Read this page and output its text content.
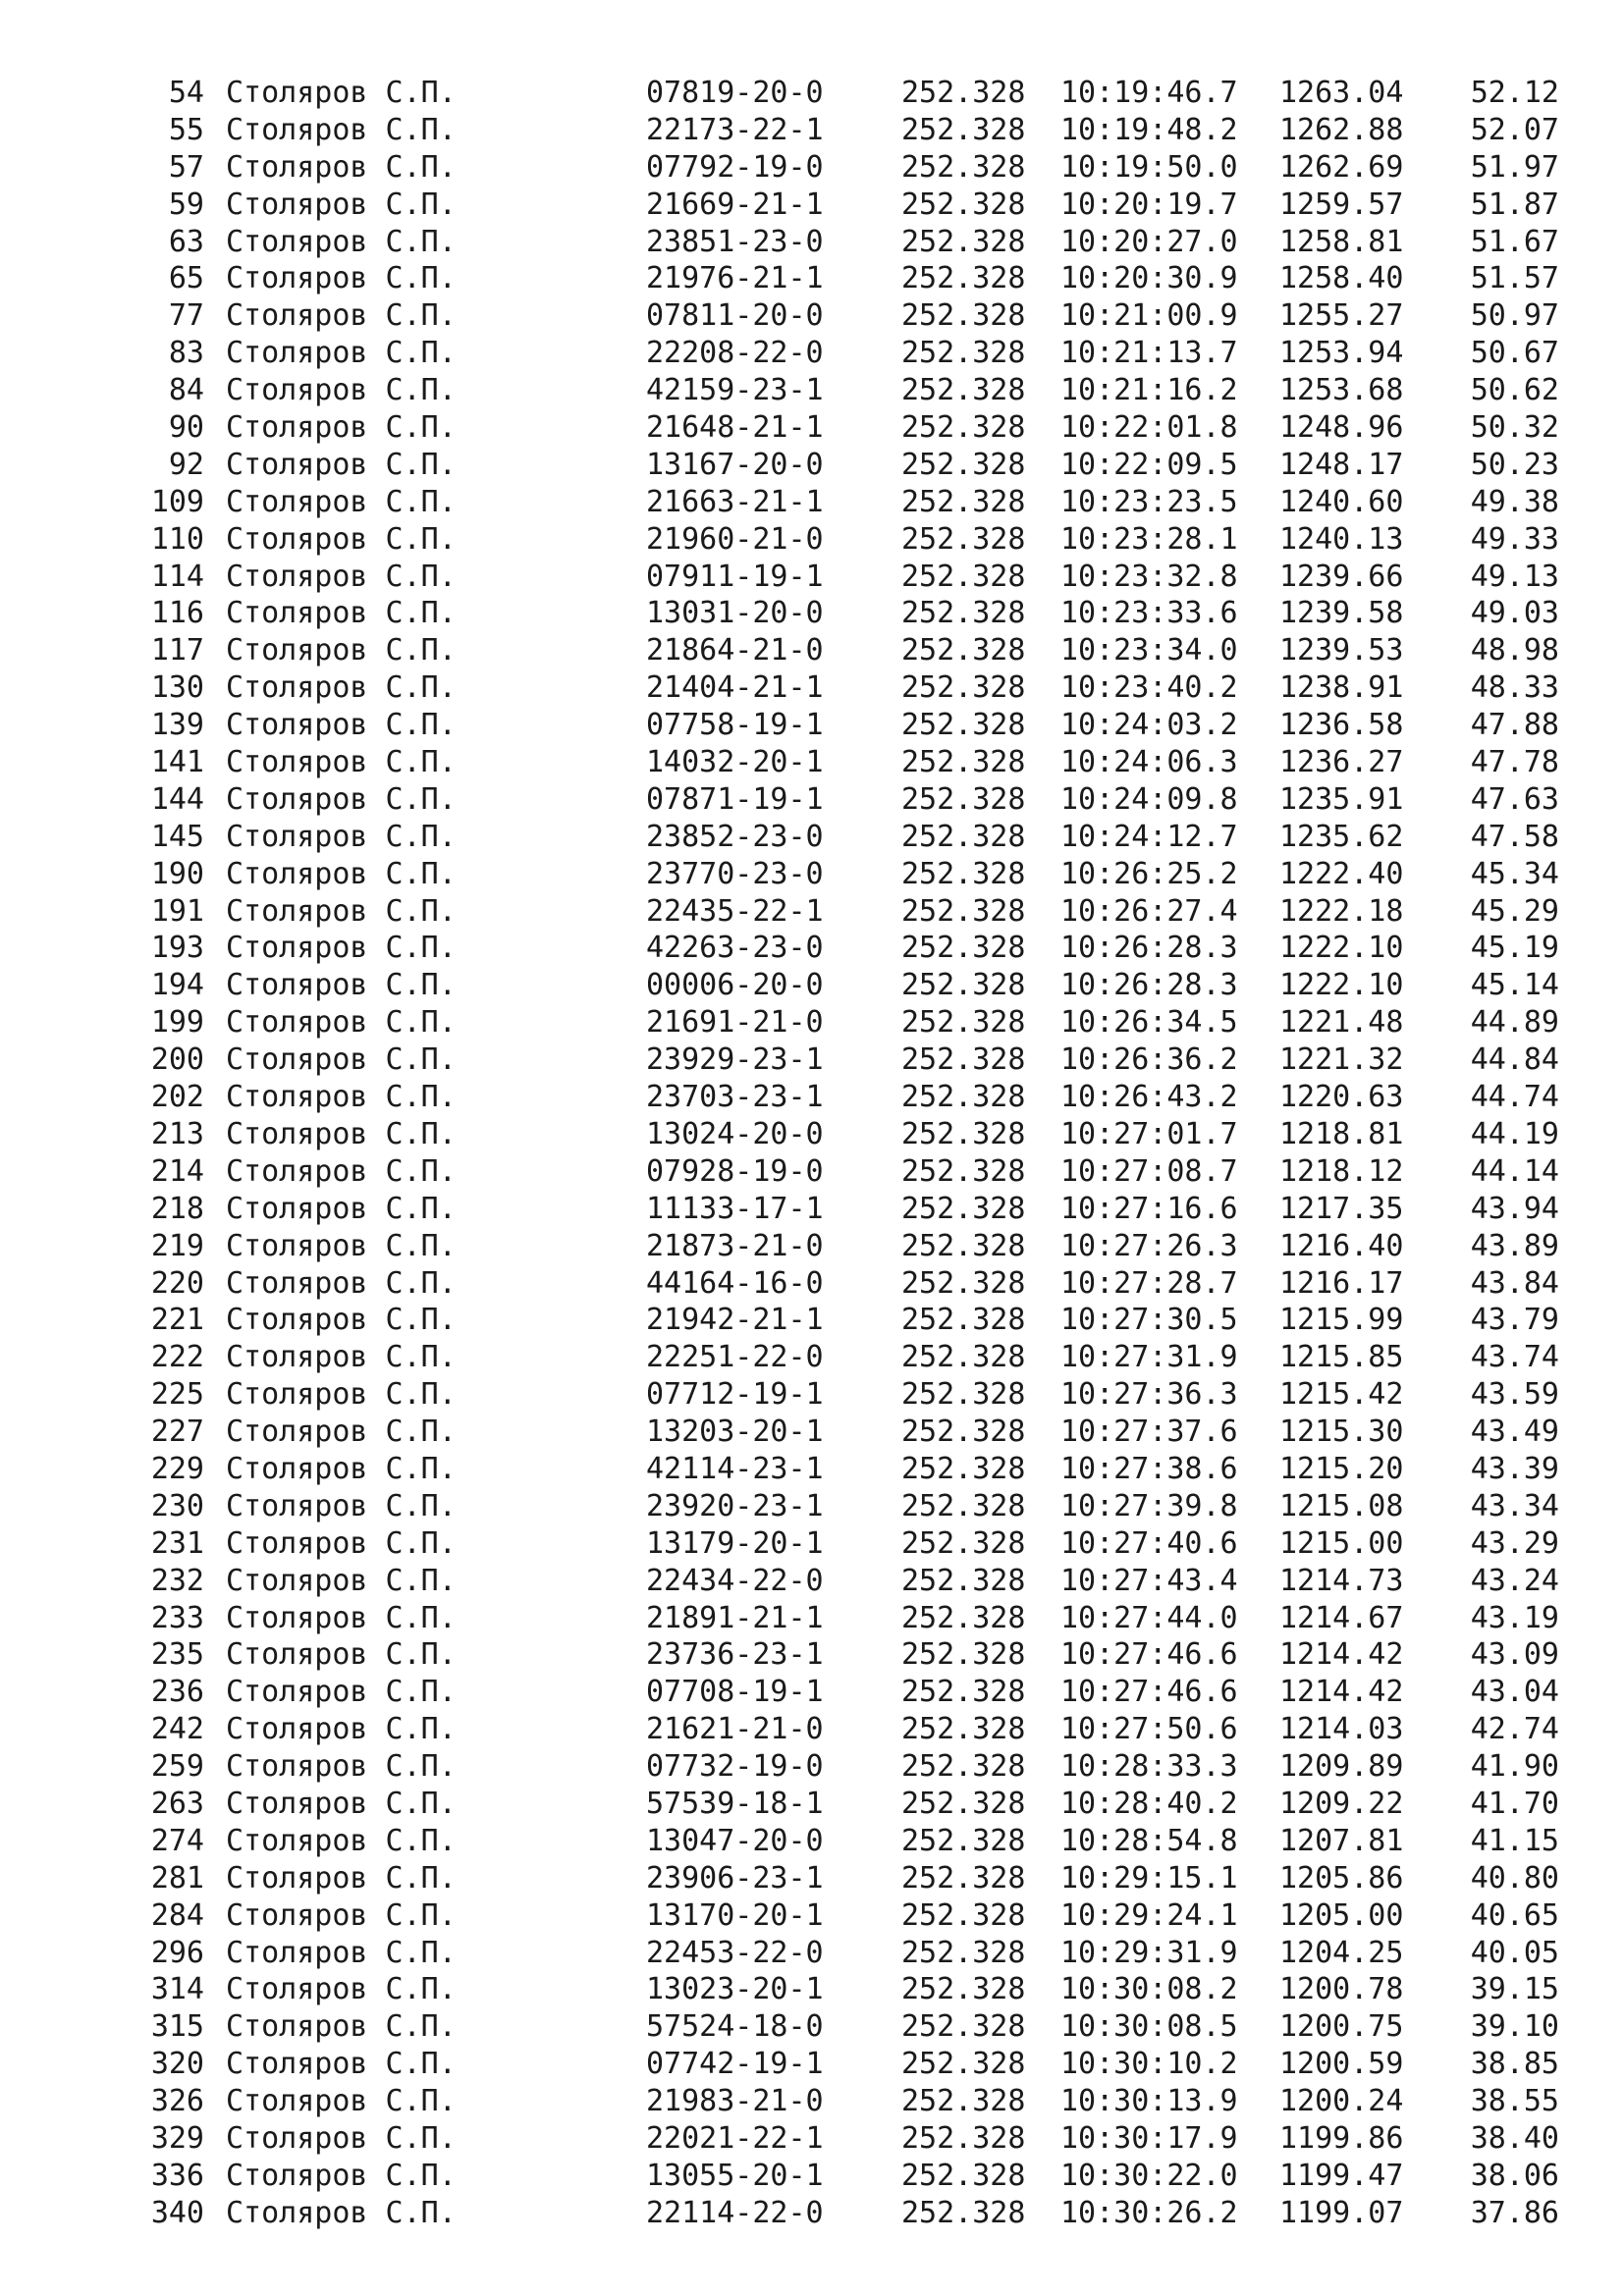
54 Столяров С.П.	07819-20-0	252.328 10:19:46.7 1263.04 52.12
55 Столяров С.П.	22173-22-1	252.328 10:19:48.2 1262.88 52.07
57 Столяров С.П.	07792-19-0	252.328 10:19:50.0 1262.69 51.97
59 Столяров С.П.	21669-21-1	252.328 10:20:19.7 1259.57 51.87
63 Столяров С.П.	23851-23-0	252.328 10:20:27.0 1258.81 51.67
65 Столяров С.П.	21976-21-1	252.328 10:20:30.9 1258.40 51.57
77 Столяров С.П.	07811-20-0	252.328 10:21:00.9 1255.27 50.97
83 Столяров С.П.	22208-22-0	252.328 10:21:13.7 1253.94 50.67
84 Столяров С.П.	42159-23-1	252.328 10:21:16.2 1253.68 50.62
90 Столяров С.П.	21648-21-1	252.328 10:22:01.8 1248.96 50.32
92 Столяров С.П.	13167-20-0	252.328 10:22:09.5 1248.17 50.23
109 Столяров С.П.	21663-21-1	252.328 10:23:23.5 1240.60 49.38
110 Столяров С.П.	21960-21-0	252.328 10:23:28.1 1240.13 49.33
114 Столяров С.П.	07911-19-1	252.328 10:23:32.8 1239.66 49.13
116 Столяров С.П.	13031-20-0	252.328 10:23:33.6 1239.58 49.03
117 Столяров С.П.	21864-21-0	252.328 10:23:34.0 1239.53 48.98
130 Столяров С.П.	21404-21-1	252.328 10:23:40.2 1238.91 48.33
139 Столяров С.П.	07758-19-1	252.328 10:24:03.2 1236.58 47.88
141 Столяров С.П.	14032-20-1	252.328 10:24:06.3 1236.27 47.78
144 Столяров С.П.	07871-19-1	252.328 10:24:09.8 1235.91 47.63
145 Столяров С.П.	23852-23-0	252.328 10:24:12.7 1235.62 47.58
190 Столяров С.П.	23770-23-0	252.328 10:26:25.2 1222.40 45.34
191 Столяров С.П.	22435-22-1	252.328 10:26:27.4 1222.18 45.29
193 Столяров С.П.	42263-23-0	252.328 10:26:28.3 1222.10 45.19
194 Столяров С.П.	00006-20-0	252.328 10:26:28.3 1222.10 45.14
199 Столяров С.П.	21691-21-0	252.328 10:26:34.5 1221.48 44.89
200 Столяров С.П.	23929-23-1	252.328 10:26:36.2 1221.32 44.84
202 Столяров С.П.	23703-23-1	252.328 10:26:43.2 1220.63 44.74
213 Столяров С.П.	13024-20-0	252.328 10:27:01.7 1218.81 44.19
214 Столяров С.П.	07928-19-0	252.328 10:27:08.7 1218.12 44.14
218 Столяров С.П.	11133-17-1	252.328 10:27:16.6 1217.35 43.94
219 Столяров С.П.	21873-21-0	252.328 10:27:26.3 1216.40 43.89
220 Столяров С.П.	44164-16-0	252.328 10:27:28.7 1216.17 43.84
221 Столяров С.П.	21942-21-1	252.328 10:27:30.5 1215.99 43.79
222 Столяров С.П.	22251-22-0	252.328 10:27:31.9 1215.85 43.74
225 Столяров С.П.	07712-19-1	252.328 10:27:36.3 1215.42 43.59
227 Столяров С.П.	13203-20-1	252.328 10:27:37.6 1215.30 43.49
229 Столяров С.П.	42114-23-1	252.328 10:27:38.6 1215.20 43.39
230 Столяров С.П.	23920-23-1	252.328 10:27:39.8 1215.08 43.34
231 Столяров С.П.	13179-20-1	252.328 10:27:40.6 1215.00 43.29
232 Столяров С.П.	22434-22-0	252.328 10:27:43.4 1214.73 43.24
233 Столяров С.П.	21891-21-1	252.328 10:27:44.0 1214.67 43.19
235 Столяров С.П.	23736-23-1	252.328 10:27:46.6 1214.42 43.09
236 Столяров С.П.	07708-19-1	252.328 10:27:46.6 1214.42 43.04
242 Столяров С.П.	21621-21-0	252.328 10:27:50.6 1214.03 42.74
259 Столяров С.П.	07732-19-0	252.328 10:28:33.3 1209.89 41.90
263 Столяров С.П.	57539-18-1	252.328 10:28:40.2 1209.22 41.70
274 Столяров С.П.	13047-20-0	252.328 10:28:54.8 1207.81 41.15
281 Столяров С.П.	23906-23-1	252.328 10:29:15.1 1205.86 40.80
284 Столяров С.П.	13170-20-1	252.328 10:29:24.1 1205.00 40.65
296 Столяров С.П.	22453-22-0	252.328 10:29:31.9 1204.25 40.05
314 Столяров С.П.	13023-20-1	252.328 10:30:08.2 1200.78 39.15
315 Столяров С.П.	57524-18-0	252.328 10:30:08.5 1200.75 39.10
320 Столяров С.П.	07742-19-1	252.328 10:30:10.2 1200.59 38.85
326 Столяров С.П.	21983-21-0	252.328 10:30:13.9 1200.24 38.55
329 Столяров С.П.	22021-22-1	252.328 10:30:17.9 1199.86 38.40
336 Столяров С.П.	13055-20-1	252.328 10:30:22.0 1199.47 38.06
340 Столяров С.П.	22114-22-0	252.328 10:30:26.2 1199.07 37.86
